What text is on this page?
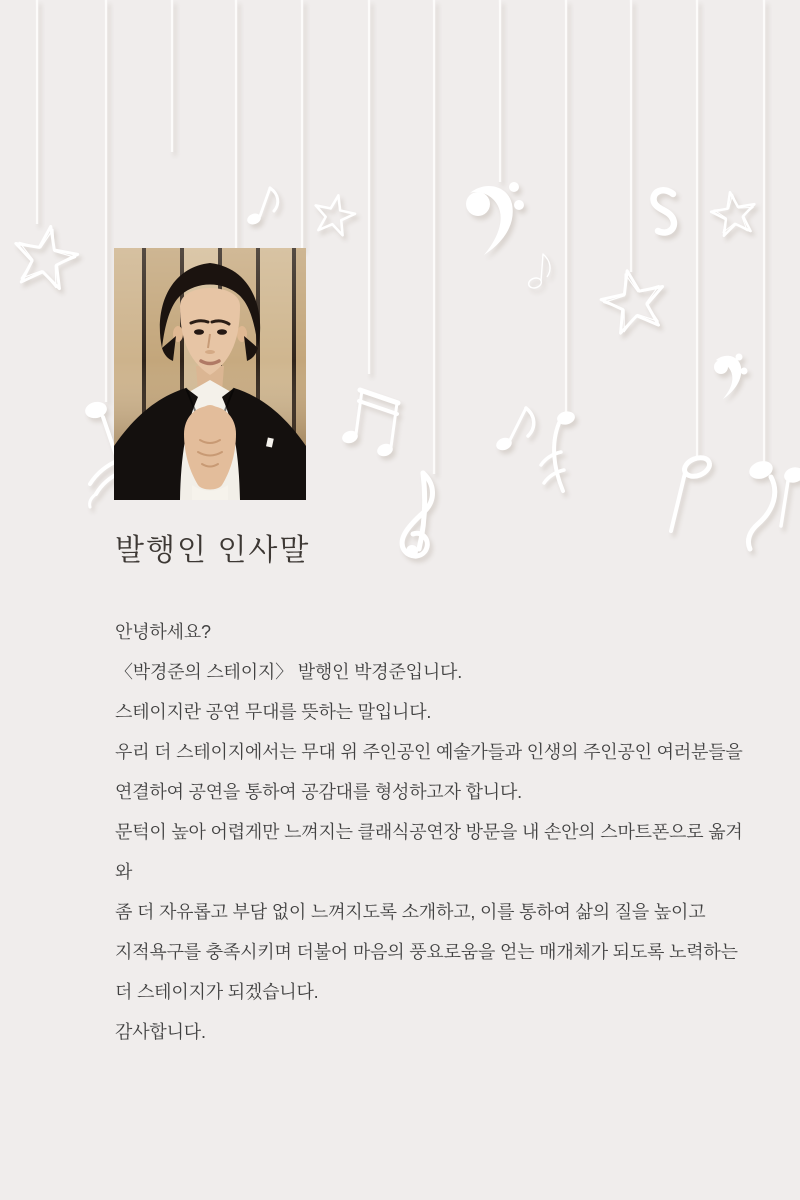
발행인 인사말

안녕하세요?

〈박경준의 스테이지〉 발행인 박경준입니다.

스테이지란 공연 무대를 뜻하는 말입니다.

우리 더 스테이지에서는 무대 위 주인공인 예술가들과 인생의 주인공인 여러분들을

연결하여 공연을 통하여 공감대를 형성하고자 합니다.

문턱이 높아 어렵게만 느껴지는 클래식공연장 방문을 내 손안의 스마트폰으로 옮겨와

좀 더 자유롭고 부담 없이 느껴지도록 소개하고, 이를 통하여 삶의 질을 높이고

지적욕구를 충족시키며 더불어 마음의 풍요로움을 얻는 매개체가 되도록 노력하는

더 스테이지가 되겠습니다.

감사합니다.
